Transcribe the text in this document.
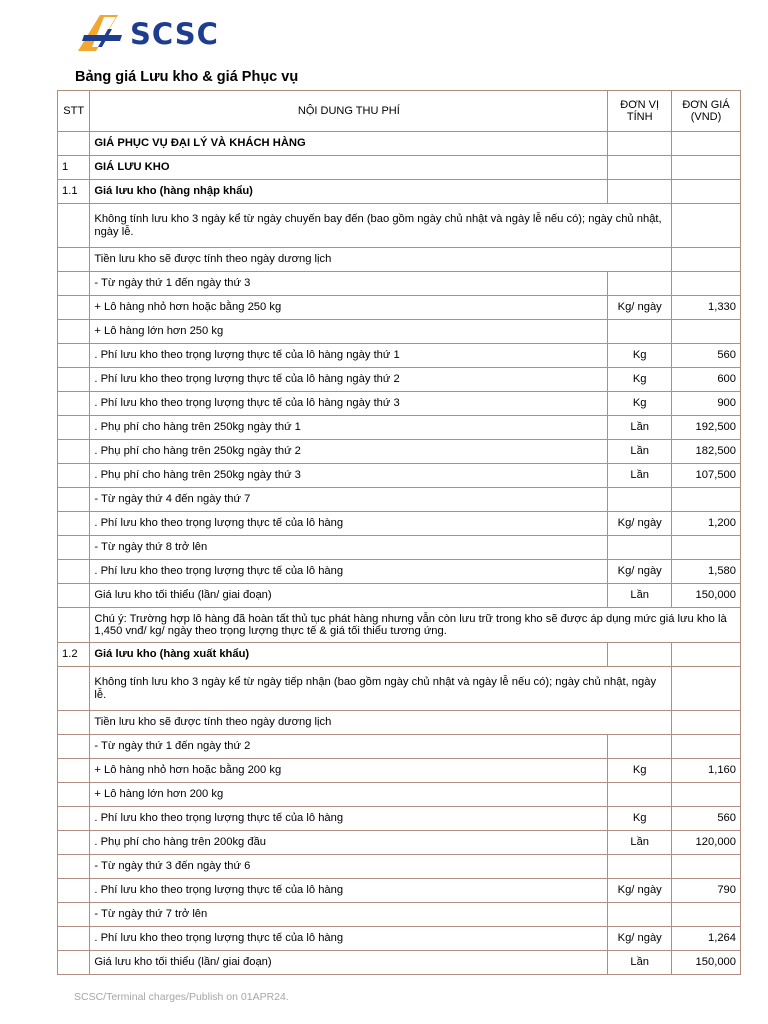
SCSC
Bảng giá Lưu kho & giá Phục vụ
STT	NỘI DUNG THU PHÍ	ĐƠN VỊ TÍNH	ĐƠN GIÁ (VND)
	GIÁ PHỤC VỤ ĐẠI LÝ VÀ KHÁCH HÀNG		
1	GIÁ LƯU KHO		
1.1	Giá lưu kho (hàng nhập khẩu)		
	Không tính lưu kho 3 ngày kể từ ngày chuyến bay đến (bao gồm ngày chủ nhật và ngày lễ nếu có); ngày chủ nhật, ngày lễ.		
	Tiền lưu kho sẽ được tính theo ngày dương lịch		
	- Từ ngày thứ 1 đến ngày thứ 3		
	+ Lô hàng nhỏ hơn hoặc bằng 250 kg	Kg/ ngày	1,330
	+ Lô hàng lớn hơn 250 kg		
	. Phí lưu kho theo trọng lượng thực tế của lô hàng ngày thứ 1	Kg	560
	. Phí lưu kho theo trọng lượng thực tế của lô hàng ngày thứ 2	Kg	600
	. Phí lưu kho theo trọng lượng thực tế của lô hàng ngày thứ 3	Kg	900
	. Phụ phí cho hàng trên 250kg ngày thứ 1	Lần	192,500
	. Phụ phí cho hàng trên 250kg ngày thứ 2	Lần	182,500
	. Phụ phí cho hàng trên 250kg ngày thứ 3	Lần	107,500
	- Từ ngày thứ 4 đến ngày thứ 7		
	. Phí lưu kho theo trọng lượng thực tế của lô hàng	Kg/ ngày	1,200
	- Từ ngày thứ 8 trở lên		
	. Phí lưu kho theo trọng lượng thực tế của lô hàng	Kg/ ngày	1,580
	Giá lưu kho tối thiểu (lần/ giai đoạn)	Lần	150,000
	Chú ý: Trường hợp lô hàng đã hoàn tất thủ tục phát hàng nhưng vẫn còn lưu trữ trong kho sẽ được áp dụng mức giá lưu kho là 1,450 vnđ/ kg/ ngày theo trọng lượng thực tế & giá tối thiểu tương ứng.		
1.2	Giá lưu kho (hàng xuất khẩu)		
	Không tính lưu kho 3 ngày kể từ ngày tiếp nhận (bao gồm ngày chủ nhật và ngày lễ nếu có); ngày chủ nhật, ngày lễ.		
	Tiền lưu kho sẽ được tính theo ngày dương lịch		
	- Từ ngày thứ 1 đến ngày thứ 2		
	+ Lô hàng nhỏ hơn hoặc bằng 200 kg	Kg	1,160
	+ Lô hàng lớn hơn 200 kg		
	. Phí lưu kho theo trọng lượng thực tế của lô hàng	Kg	560
	. Phụ phí cho hàng trên 200kg đầu	Lần	120,000
	- Từ ngày thứ 3 đến ngày thứ 6		
	. Phí lưu kho theo trọng lượng thực tế của lô hàng	Kg/ ngày	790
	- Từ ngày thứ 7 trở lên		
	. Phí lưu kho theo trọng lượng thực tế của lô hàng	Kg/ ngày	1,264
	Giá lưu kho tối thiểu (lần/ giai đoạn)	Lần	150,000
SCSC/Terminal charges/Publish on 01APR24.
